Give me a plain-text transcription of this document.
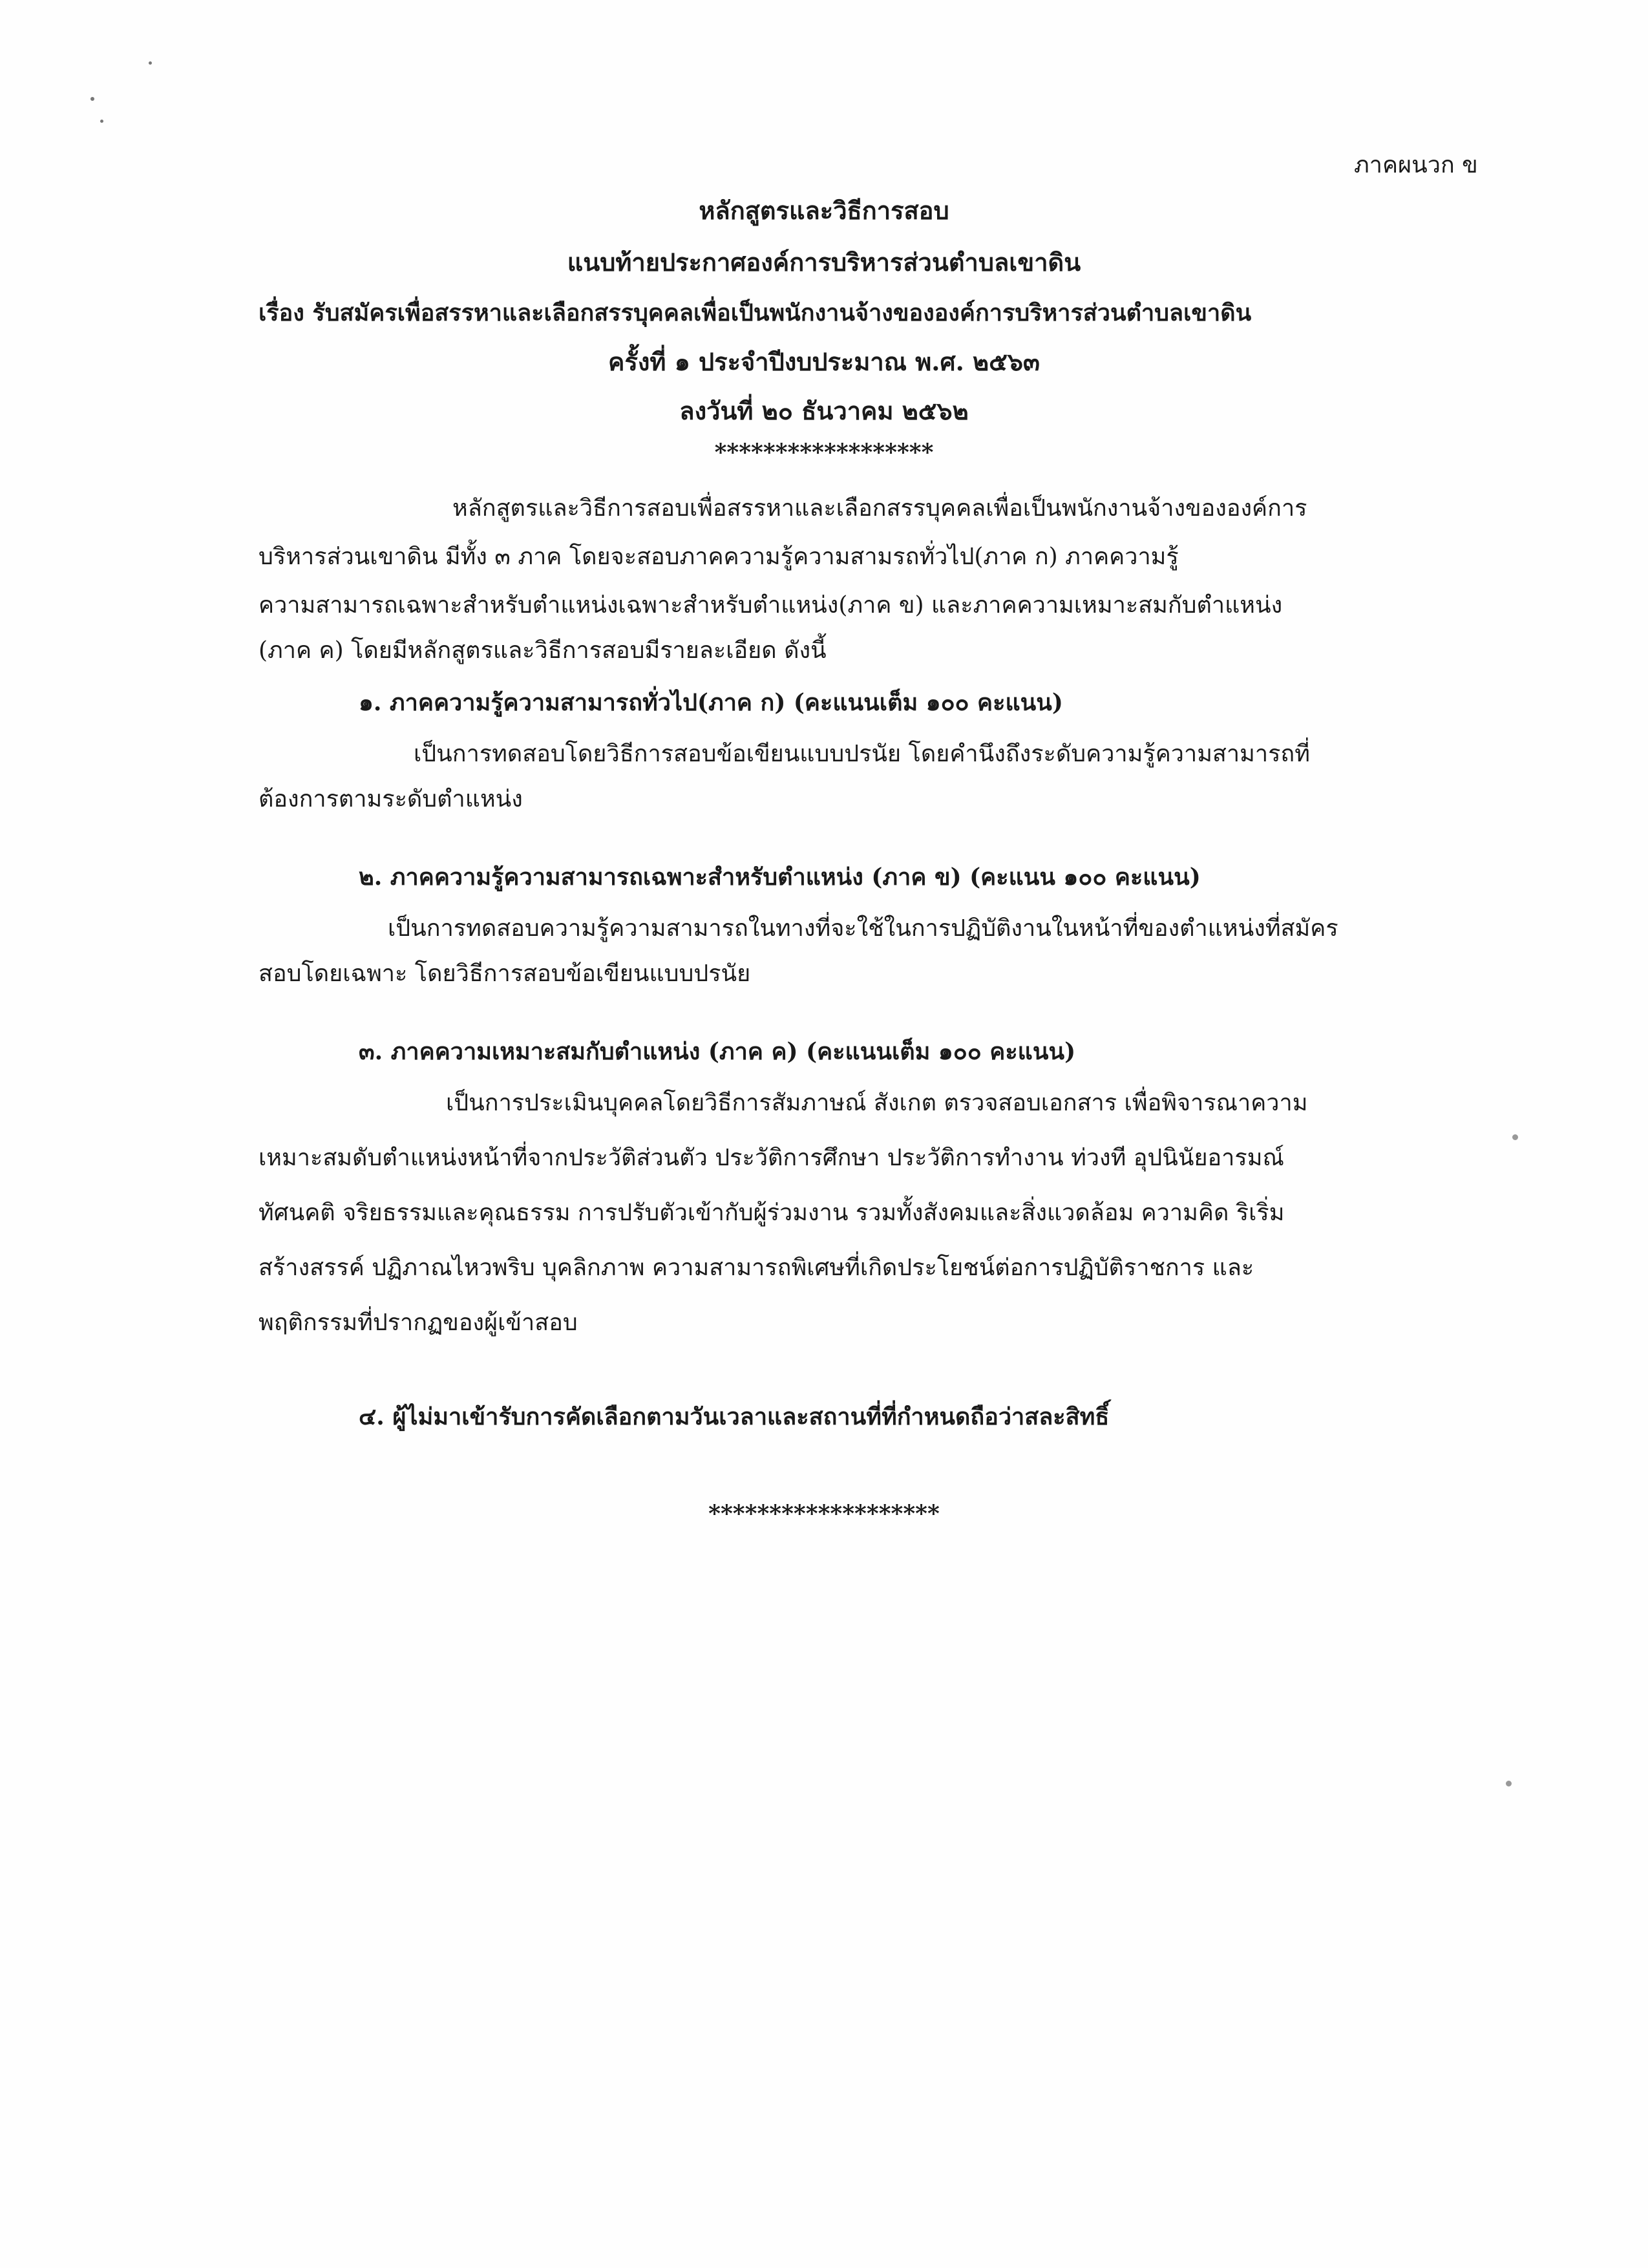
ภาคผนวก ข
หลักสูตรและวิธีการสอบ
แนบท้ายประกาศองค์การบริหารส่วนตำบลเขาดิน
เรื่อง รับสมัครเพื่อสรรหาและเลือกสรรบุคคลเพื่อเป็นพนักงานจ้างขององค์การบริหารส่วนตำบลเขาดิน
ครั้งที่ ๑ ประจำปีงบประมาณ พ.ศ. ๒๕๖๓
ลงวันที่ ๒๐ ธันวาคม ๒๕๖๒
******************
หลักสูตรและวิธีการสอบเพื่อสรรหาและเลือกสรรบุคคลเพื่อเป็นพนักงานจ้างขององค์การ
บริหารส่วนเขาดิน มีทั้ง ๓ ภาค โดยจะสอบภาคความรู้ความสามรถทั่วไป(ภาค ก) ภาคความรู้
ความสามารถเฉพาะสำหรับตำแหน่งเฉพาะสำหรับตำแหน่ง(ภาค ข) และภาคความเหมาะสมกับตำแหน่ง
(ภาค ค) โดยมีหลักสูตรและวิธีการสอบมีรายละเอียด ดังนี้
๑. ภาคความรู้ความสามารถทั่วไป(ภาค ก) (คะแนนเต็ม ๑๐๐ คะแนน)
เป็นการทดสอบโดยวิธีการสอบข้อเขียนแบบปรนัย โดยคำนึงถึงระดับความรู้ความสามารถที่
ต้องการตามระดับตำแหน่ง
๒. ภาคความรู้ความสามารถเฉพาะสำหรับตำแหน่ง (ภาค ข) (คะแนน ๑๐๐ คะแนน)
เป็นการทดสอบความรู้ความสามารถในทางที่จะใช้ในการปฏิบัติงานในหน้าที่ของตำแหน่งที่สมัคร
สอบโดยเฉพาะ โดยวิธีการสอบข้อเขียนแบบปรนัย
๓. ภาคความเหมาะสมกับตำแหน่ง (ภาค ค) (คะแนนเต็ม ๑๐๐ คะแนน)
เป็นการประเมินบุคคลโดยวิธีการสัมภาษณ์ สังเกต ตรวจสอบเอกสาร เพื่อพิจารณาความ
เหมาะสมดับตำแหน่งหน้าที่จากประวัติส่วนตัว ประวัติการศึกษา ประวัติการทำงาน ท่วงที อุปนินัยอารมณ์
ทัศนคติ จริยธรรมและคุณธรรม การปรับตัวเข้ากับผู้ร่วมงาน รวมทั้งสังคมและสิ่งแวดล้อม ความคิด ริเริ่ม
สร้างสรรค์ ปฏิภาณไหวพริบ บุคลิกภาพ ความสามารถพิเศษที่เกิดประโยชน์ต่อการปฏิบัติราชการ และ
พฤติกรรมที่ปรากฏของผู้เข้าสอบ
๔. ผู้ไม่มาเข้ารับการคัดเลือกตามวันเวลาและสถานที่ที่กำหนดถือว่าสละสิทธิ์
*******************
